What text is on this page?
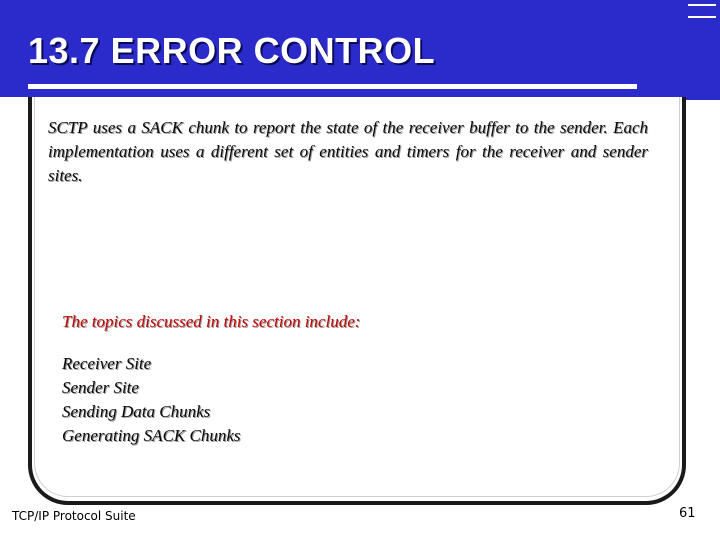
13.7 ERROR CONTROL

SCTP uses a SACK chunk to report the state of the receiver buffer to the sender. Each implementation uses a different set of entities and timers for the receiver and sender sites.

The topics discussed in this section include:

Receiver Site
Sender Site
Sending Data Chunks
Generating SACK Chunks
TCP/IP Protocol Suite	61
